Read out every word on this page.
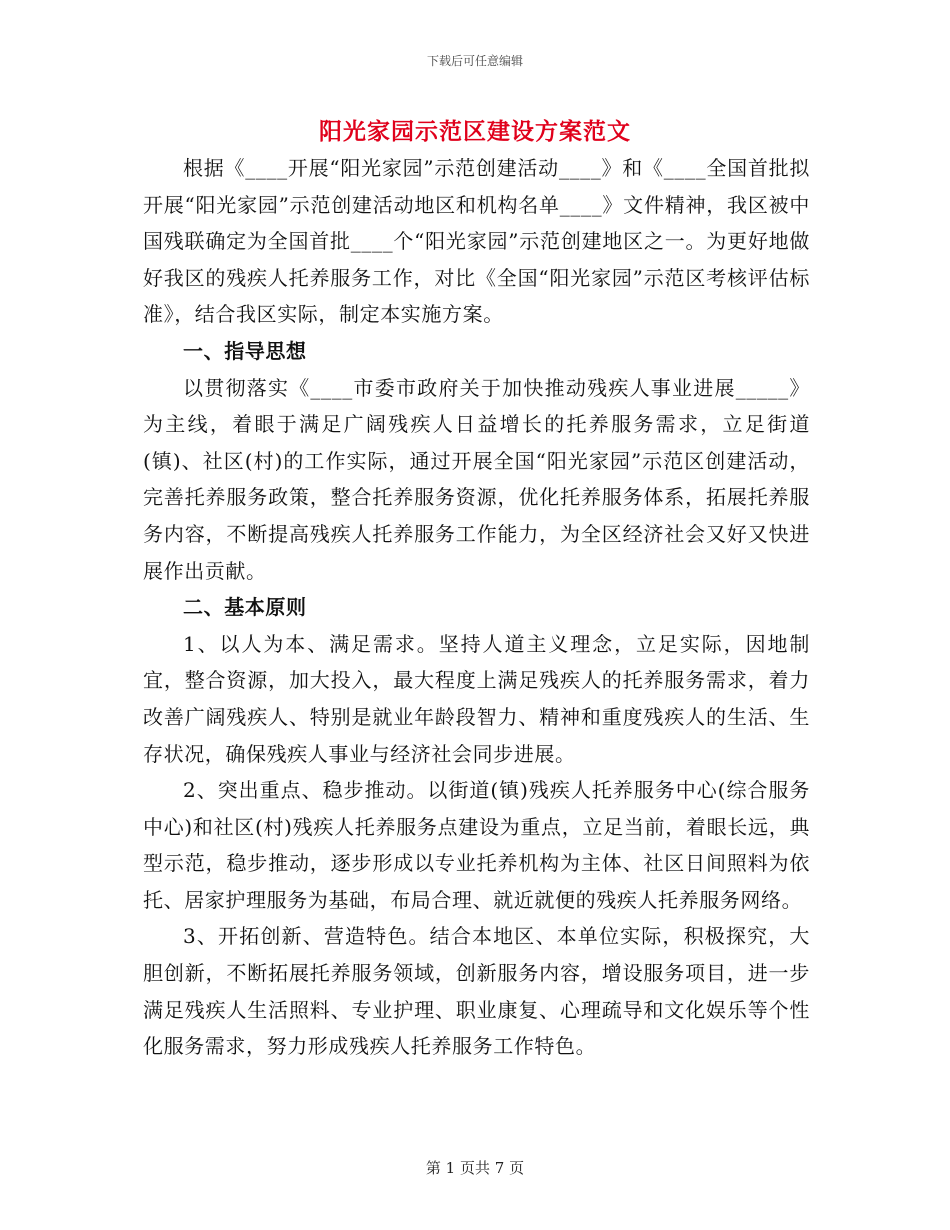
下载后可任意编辑
阳光家园示范区建设方案范文

根据《____开展“阳光家园”示范创建活动____》和《____全国首批拟开展“阳光家园”示范创建活动地区和机构名单____》文件精神，我区被中国残联确定为全国首批____个“阳光家园”示范创建地区之一。为更好地做好我区的残疾人托养服务工作，对比《全国“阳光家园”示范区考核评估标准》，结合我区实际，制定本实施方案。

一、指导思想

以贯彻落实《____市委市政府关于加快推动残疾人事业进展_____》为主线，着眼于满足广阔残疾人日益增长的托养服务需求，立足街道(镇)、社区(村)的工作实际，通过开展全国“阳光家园”示范区创建活动，完善托养服务政策，整合托养服务资源，优化托养服务体系，拓展托养服务内容，不断提高残疾人托养服务工作能力，为全区经济社会又好又快进展作出贡献。

二、基本原则

1、以人为本、满足需求。坚持人道主义理念，立足实际，因地制宜，整合资源，加大投入，最大程度上满足残疾人的托养服务需求，着力改善广阔残疾人、特别是就业年龄段智力、精神和重度残疾人的生活、生存状况，确保残疾人事业与经济社会同步进展。

2、突出重点、稳步推动。以街道(镇)残疾人托养服务中心(综合服务中心)和社区(村)残疾人托养服务点建设为重点，立足当前，着眼长远，典型示范，稳步推动，逐步形成以专业托养机构为主体、社区日间照料为依托、居家护理服务为基础，布局合理、就近就便的残疾人托养服务网络。

3、开拓创新、营造特色。结合本地区、本单位实际，积极探究，大胆创新，不断拓展托养服务领域，创新服务内容，增设服务项目，进一步满足残疾人生活照料、专业护理、职业康复、心理疏导和文化娱乐等个性化服务需求，努力形成残疾人托养服务工作特色。

第 1 页共 7 页
